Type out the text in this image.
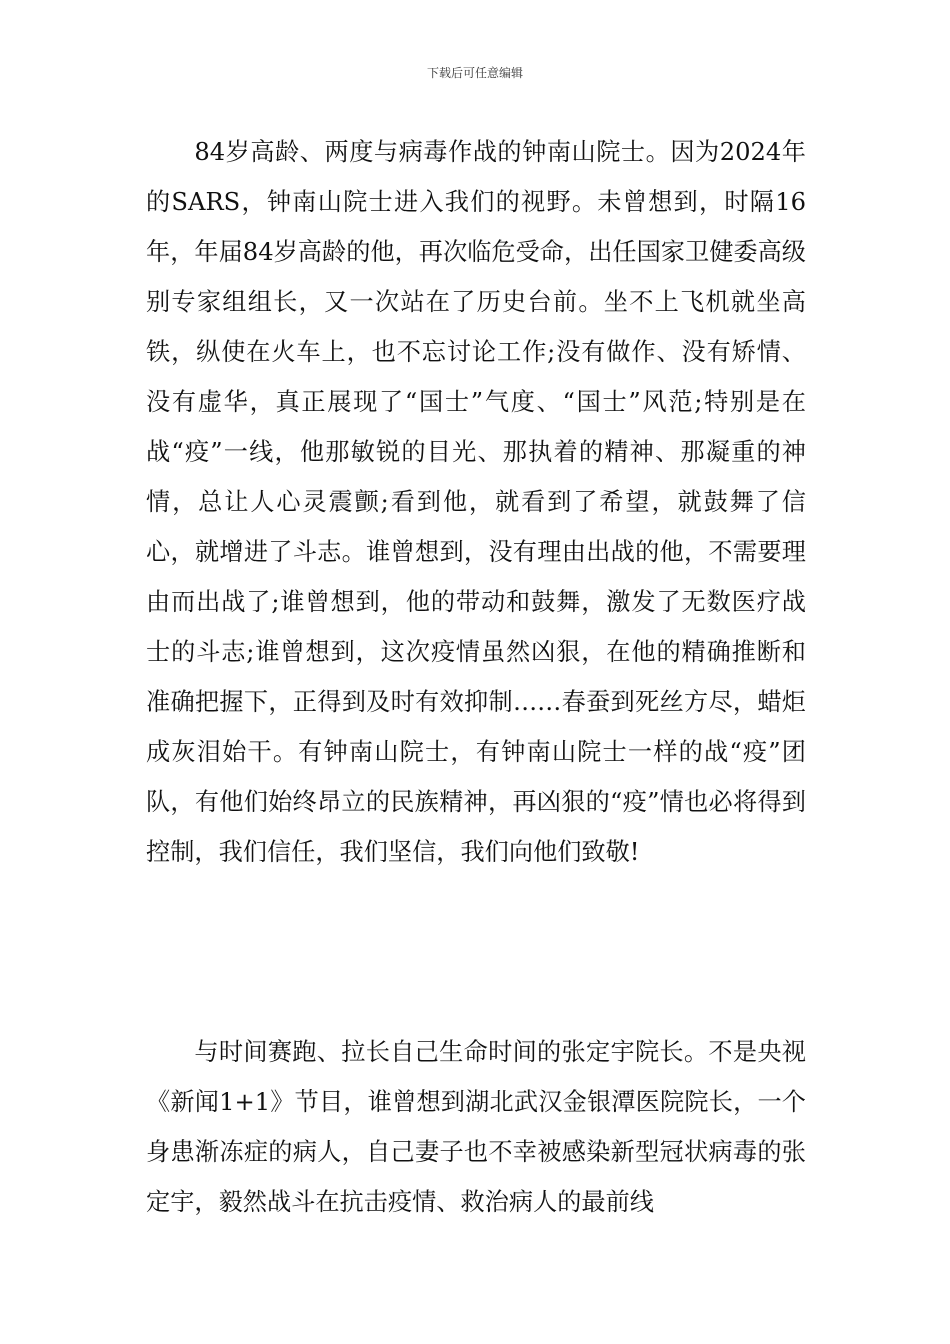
下载后可任意编辑

84岁高龄、两度与病毒作战的钟南山院士。因为2024年的SARS，钟南山院士进入我们的视野。未曾想到，时隔16年，年届84岁高龄的他，再次临危受命，出任国家卫健委高级别专家组组长，又一次站在了历史台前。坐不上飞机就坐高铁，纵使在火车上，也不忘讨论工作;没有做作、没有矫情、没有虚华，真正展现了“国士”气度、“国士”风范;特别是在战“疫”一线，他那敏锐的目光、那执着的精神、那凝重的神情，总让人心灵震颤;看到他，就看到了希望，就鼓舞了信心，就增进了斗志。谁曾想到，没有理由出战的他，不需要理由而出战了;谁曾想到，他的带动和鼓舞，激发了无数医疗战士的斗志;谁曾想到，这次疫情虽然凶狠，在他的精确推断和准确把握下，正得到及时有效抑制……春蚕到死丝方尽，蜡炬成灰泪始干。有钟南山院士，有钟南山院士一样的战“疫”团队，有他们始终昂立的民族精神，再凶狠的“疫”情也必将得到控制，我们信任，我们坚信，我们向他们致敬!

与时间赛跑、拉长自己生命时间的张定宇院长。不是央视《新闻1+1》节目，谁曾想到湖北武汉金银潭医院院长，一个身患渐冻症的病人，自己妻子也不幸被感染新型冠状病毒的张定宇，毅然战斗在抗击疫情、救治病人的最前线
